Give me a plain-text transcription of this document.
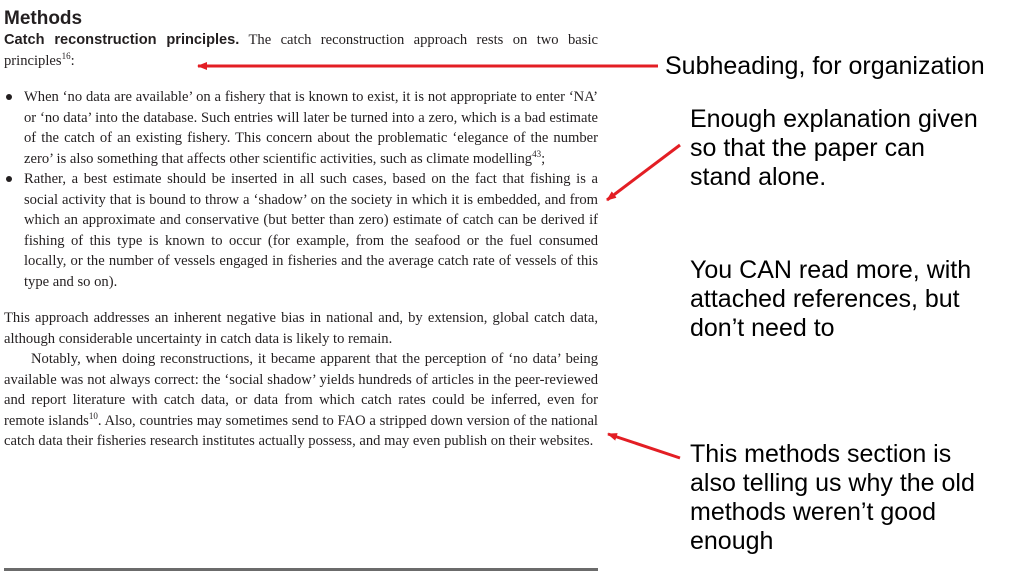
Methods

Catch reconstruction principles. The catch reconstruction approach rests on two basic principles$^{16}$:

When ‘no data are available’ on a fishery that is known to exist, it is not appropriate to enter ‘NA’ or ‘no data’ into the database. Such entries will later be turned into a zero, which is a bad estimate of the catch of an existing fishery. This concern about the problematic ‘elegance of the number zero’ is also something that affects other scientific activities, such as climate modelling$^{43}$;
Rather, a best estimate should be inserted in all such cases, based on the fact that fishing is a social activity that is bound to throw a ‘shadow’ on the society in which it is embedded, and from which an approximate and conservative (but better than zero) estimate of catch can be derived if fishing of this type is known to occur (for example, from the seafood or the fuel consumed locally, or the number of vessels engaged in fisheries and the average catch rate of vessels of this type and so on).

This approach addresses an inherent negative bias in national and, by extension, global catch data, although considerable uncertainty in catch data is likely to remain.

Notably, when doing reconstructions, it became apparent that the perception of ‘no data’ being available was not always correct: the ‘social shadow’ yields hundreds of articles in the peer-reviewed and report literature with catch data, or data from which catch rates could be inferred, even for remote islands$^{10}$. Also, countries may sometimes send to FAO a stripped down version of the national catch data their fisheries research institutes actually possess, and may even publish on their websites.

Subheading, for organization

Enough explanation given so that the paper can stand alone.

You CAN read more, with attached references, but don’t need to

This methods section is also telling us why the old methods weren’t good enough
